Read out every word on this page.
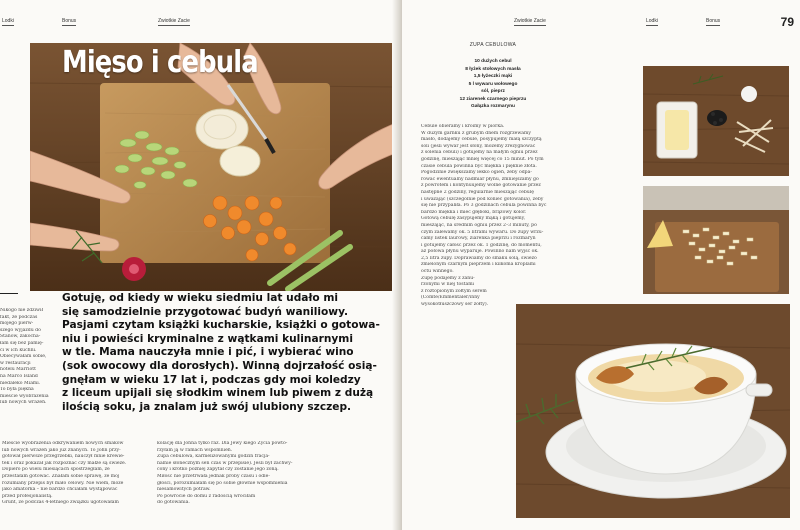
Lodki	Bonus	Zwiotkie Zacie
Mięso i cebula

Nikogo nie zdziwił

fakt, że podczas

mojego pierw-

szego wyjazdu do

Stanów, zakocha-

łam się bez pamię-

ci w ich kuchni.

Obiecywałam sobie,

w restauracji

hotelu Marriott

na Marco Island

niedaleko Miami.

To była piękna

mieście wyobrażenia

lub nowych wrażeń.

Gotuję, od kiedy w wieku siedmiu lat udało mi
się samodzielnie przygotować budyń waniliowy.
Pasjami czytam książki kucharskie, książki o gotowa-
niu i powieści kryminalne z wątkami kulinarnymi
w tle. Mama nauczyła mnie i pić, i wybierać wino
(sok owocowy dla dorosłych). Winną dojrzałość osią-
gnęłam w wieku 17 lat i, podczas gdy moi koledzy
z liceum upijali się słodkim winem lub piwem z dużą
ilością soku, ja znalam już swój ulubiony szczep.

Mieście wyobrażenia odkrywaniem nowych smaków

lub nowych wrażeń jako już znanych. To John przy-

gotował pierwsze przegrzebki, nauczył mnie krewie-

tek i oraz pokazał jak rozpoznać czy małże są świeże.

Dopiero po wielu miesiącach spostrzegłam, że

przestałam gotować. Znałam sobie sprawę, że mój

rozumiany przepis był mało celowy. Nie wiem, może

jako amatorka – nie bardzo chciałam wystąpować

przed profesjonalistą.

Grunt, że podczas 4-letniego związku ugotowałam

kolację dla Johna tylko raz. Dla Jewy kiego Życia powtó-

rzyłam ją w ramach wspomnień.

Zupa cebulowa, karmelizowanymi godzin fracja-

nalnie słonecznym sen czas w przepisie). Jeśli był zachwy-

cony i krótko później zapytał czy zostanie jego żoną.

Miłość nie przetrwała jednak próby czasu i odle-

głości, porozumiałam się po sobie głównie wspomnienia

niesamowitych potraw.

Po powrocie do domu z radością wróciłam

do gotowania.

Zwiotkie Zacie	Lodki	Bonus	79
ZUPA CEBULOWA
10 dużych cebul
8 łyżek stołowych masła
1,5 łyżeczki mąki
5 l wywaru wołowego
sól, pieprz
12 ziarenek czarnego pieprzu
Gałązka rozmarynu

Cebule obieramy i kroimy w piórka.

W dużym garnku z grubym dnem rozgrzewamy

masło, dodajemy cebule, posypujemy małą szczyptą

soli (jeśli wywar jest słony, możemy zrezygnować

z solenia cebuli) i gotujemy na małym ogniu przez

godzinę, mieszając mniej więcej co 15 minut. Po tym

czasie cebula powinna być miękka i pięknie złota.

Pogodzinie zwiększamy lekko ogień, żeby odpa-

rować ewentualny nadmiar płynu, zmniejszamy go

z powrotem i kontynuujemy wolne gotowanie przez

następne 2 godziny, regularnie mieszając cebulę

i uważając (szczególnie pod koniec gotowania), żeby

się nie przypaliła. Po 3 godzinach cebula powinna być

bardzo miękka i mieć głęboki, brązowy kolor.

Gotową cebulę zasypujemy mąką i gotujemy,

mieszając, na średnim ogniu przez 2–3 minuty, po

czym zalewamy ok. 5 litrami wywaru. Do zupy wrzu-

camy listek laurowy, ziarenka pieprzu i rozmaryn

i gotujemy całość przez ok. 1 godzinę, do momentu,

aż połowa płynu wyparuje. Powinno nam wyjść ok.

2,5 litra zupy. Doprawiamy do smaku solą, świeżo

zmielonym czarnym pieprzem i kilkoma kroplami

octu winnego.

Zupę podajemy z zanu-

rzonymi w niej tostami

z roztopionym żółtym serem

(Comte/Emmentaler/inny

wysokotłuszczowy ser żółty).
